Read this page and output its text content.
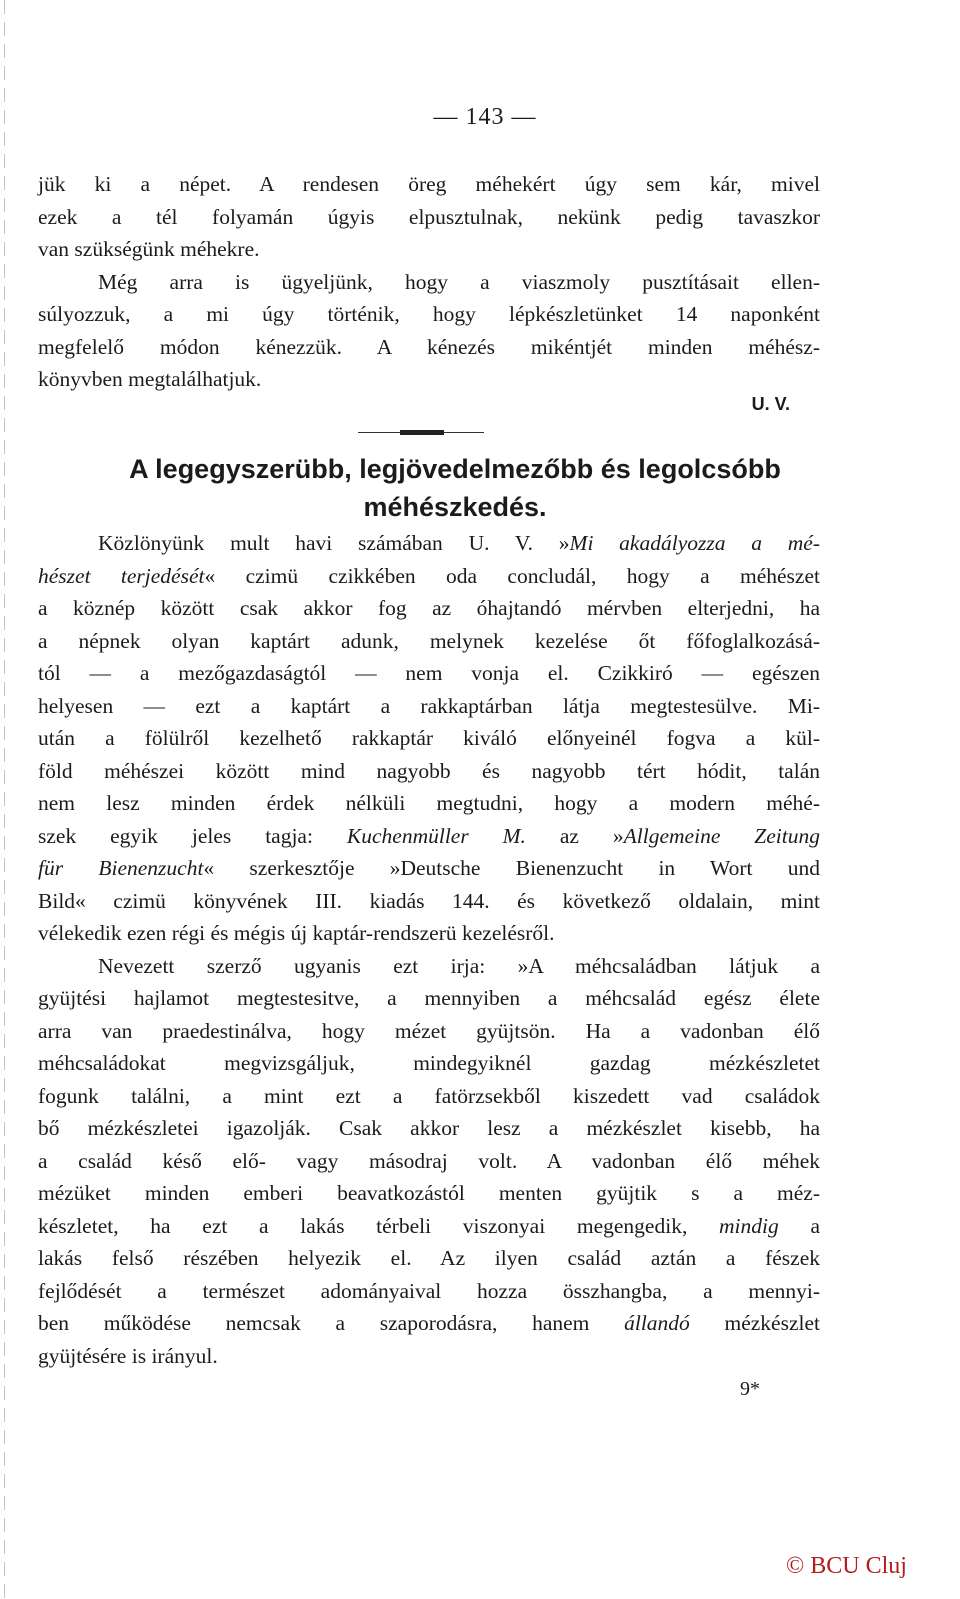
— 143 —
jük ki a népet. A rendesen öreg méhekért úgy sem kár, mivel
ezek a tél folyamán úgyis elpusztulnak, nekünk pedig tavaszkor
van szükségünk méhekre.
Még arra is ügyeljünk, hogy a viaszmoly pusztításait ellen-
súlyozzuk, a mi úgy történik, hogy lépkészletünket 14 naponként
megfelelő módon kénezzük. A kénezés mikéntjét minden méhész-
könyvben megtalálhatjuk.
U. V.
A legegyszerübb, legjövedelmezőbb és legolcsóbb
méhészkedés.
Közlönyünk mult havi számában U. V. »Mi akadályozza a mé-
hészet terjedését« czimü czikkében oda concludál, hogy a méhészet
a köznép között csak akkor fog az óhajtandó mérvben elterjedni, ha
a népnek olyan kaptárt adunk, melynek kezelése őt főfoglalkozásá-
tól — a mezőgazdaságtól — nem vonja el. Czikkiró — egészen
helyesen — ezt a kaptárt a rakkaptárban látja megtestesülve. Mi-
után a fölülről kezelhető rakkaptár kiváló előnyeinél fogva a kül-
föld méhészei között mind nagyobb és nagyobb tért hódit, talán
nem lesz minden érdek nélküli megtudni, hogy a modern méhé-
szek egyik jeles tagja: Kuchenmüller M. az »Allgemeine Zeitung
für Bienenzucht« szerkesztője »Deutsche Bienenzucht in Wort und
Bild« czimü könyvének III. kiadás 144. és következő oldalain, mint
vélekedik ezen régi és mégis új kaptár-rendszerü kezelésről.
Nevezett szerző ugyanis ezt irja: »A méhcsaládban látjuk a
gyüjtési hajlamot megtestesitve, a mennyiben a méhcsalád egész élete
arra van praedestinálva, hogy mézet gyüjtsön. Ha a vadonban élő
méhcsaládokat megvizsgáljuk, mindegyiknél gazdag mézkészletet
fogunk találni, a mint ezt a fatörzsekből kiszedett vad családok
bő mézkészletei igazolják. Csak akkor lesz a mézkészlet kisebb, ha
a család késő elő- vagy másodraj volt. A vadonban élő méhek
mézüket minden emberi beavatkozástól menten gyüjtik s a méz-
készletet, ha ezt a lakás térbeli viszonyai megengedik, mindig a
lakás felső részében helyezik el. Az ilyen család aztán a fészek
fejlődését a természet adományaival hozza összhangba, a mennyi-
ben működése nemcsak a szaporodásra, hanem állandó mézkészlet
gyüjtésére is irányul.
9*
© BCU Cluj
